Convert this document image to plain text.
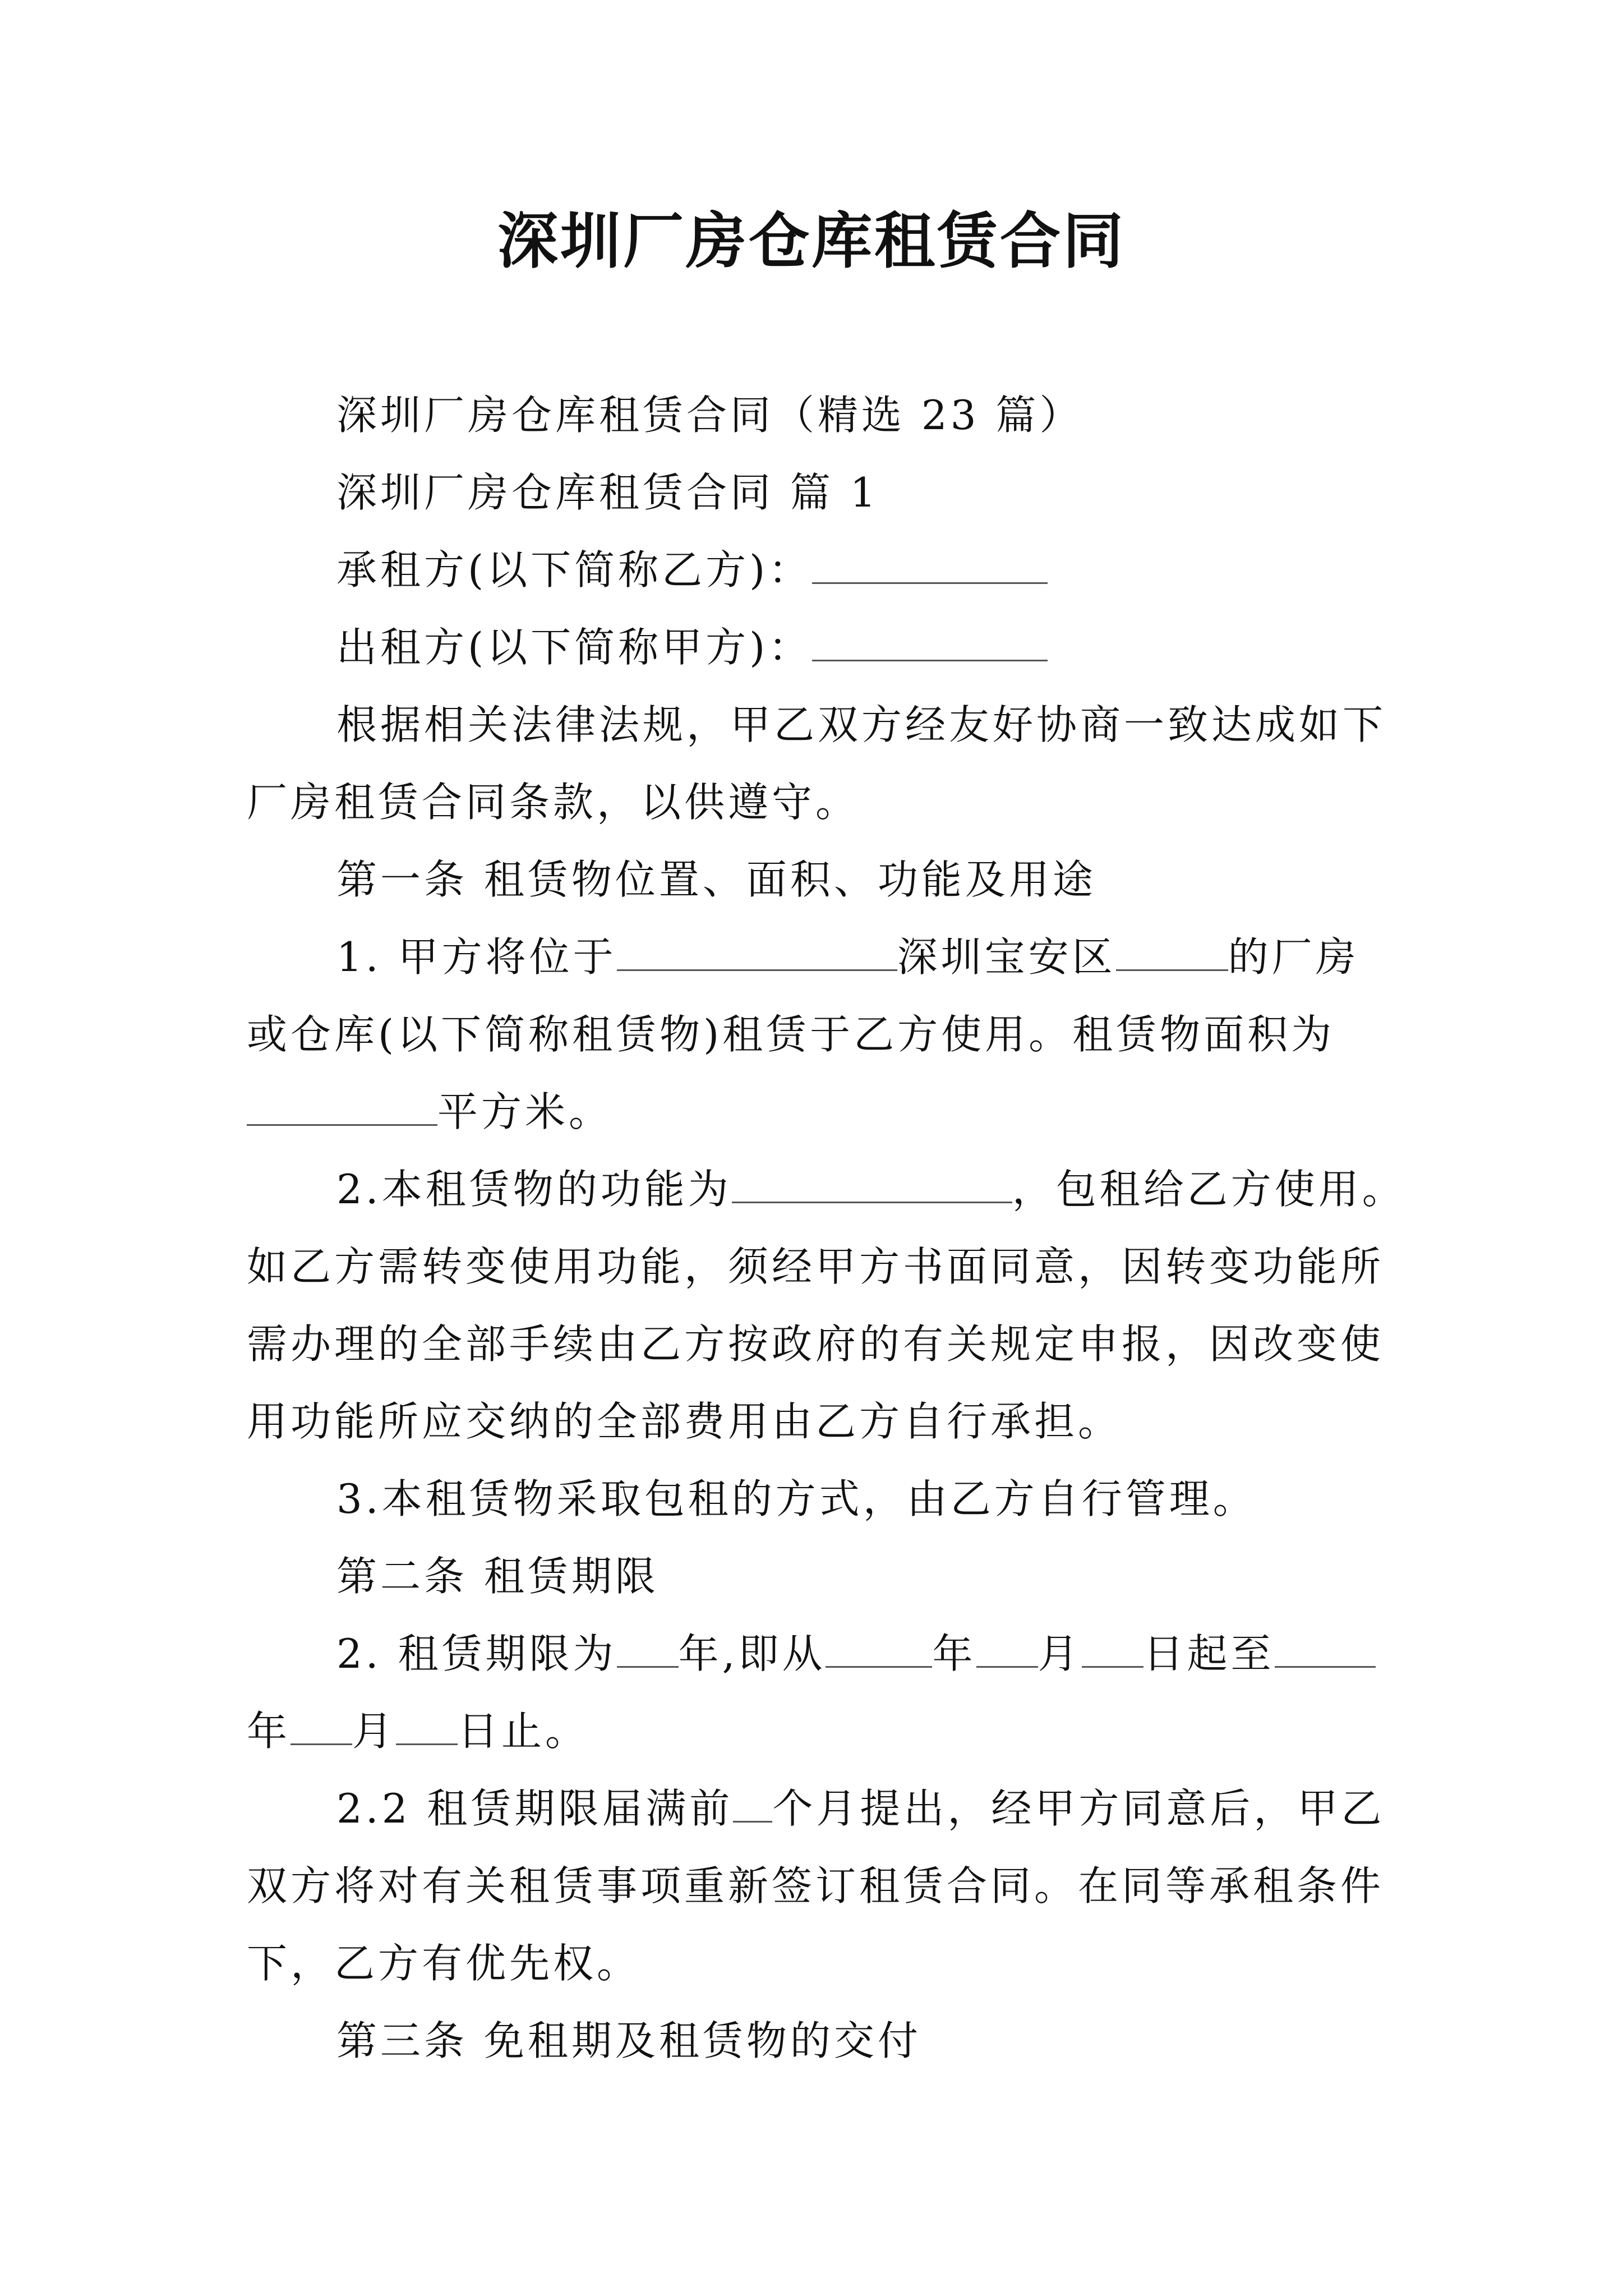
深圳厂房仓库租赁合同
深圳厂房仓库租赁合同（精选 23 篇）
深圳厂房仓库租赁合同 篇 1
承租方(以下简称乙方)：
出租方(以下简称甲方)：
根据相关法律法规，甲乙双方经友好协商一致达成如下
厂房租赁合同条款，以供遵守。
第一条 租赁物位置、面积、功能及用途
1. 甲方将位于	深圳宝安区	的厂房
或仓库(以下简称租赁物)租赁于乙方使用。租赁物面积为
平方米。
2.本租赁物的功能为	，包租给乙方使用。
如乙方需转变使用功能，须经甲方书面同意，因转变功能所
需办理的全部手续由乙方按政府的有关规定申报，因改变使
用功能所应交纳的全部费用由乙方自行承担。
3.本租赁物采取包租的方式，由乙方自行管理。
第二条 租赁期限
2. 租赁期限为 年,即从	年 月 日起至
年 月 日止。
2.2 租赁期限届满前 个月提出，经甲方同意后，甲乙
双方将对有关租赁事项重新签订租赁合同。在同等承租条件
下，乙方有优先权。
第三条 免租期及租赁物的交付
